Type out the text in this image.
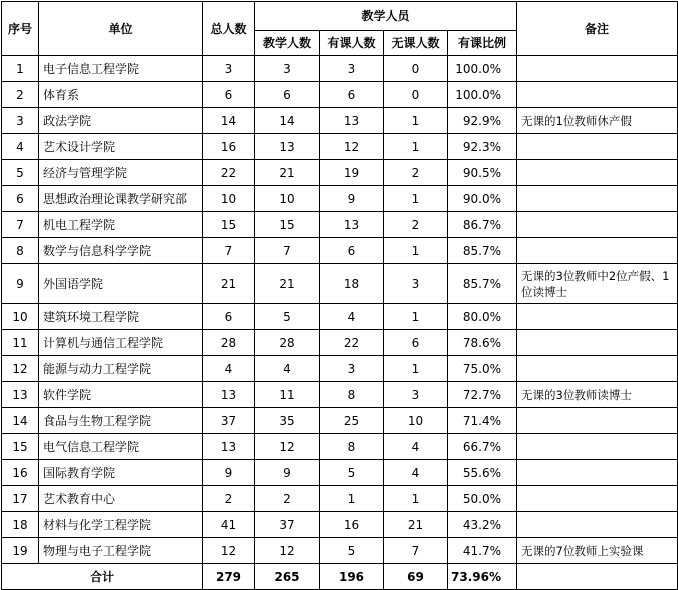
序号	单位	总人数	教学人员				备注
			教学人数	有课人数	无课人数	有课比例	
1	电子信息工程学院	3	3	3	0	100.0%	
2	体育系	6	6	6	0	100.0%	
3	政法学院	14	14	13	1	92.9%	无课的1位教师休产假
4	艺术设计学院	16	13	12	1	92.3%	
5	经济与管理学院	22	21	19	2	90.5%	
6	思想政治理论课教学研究部	10	10	9	1	90.0%	
7	机电工程学院	15	15	13	2	86.7%	
8	数学与信息科学学院	7	7	6	1	85.7%	
9	外国语学院	21	21	18	3	85.7%	无课的3位教师中2位产假、1位读博士
10	建筑环境工程学院	6	5	4	1	80.0%	
11	计算机与通信工程学院	28	28	22	6	78.6%	
12	能源与动力工程学院	4	4	3	1	75.0%	
13	软件学院	13	11	8	3	72.7%	无课的3位教师读博士
14	食品与生物工程学院	37	35	25	10	71.4%	
15	电气信息工程学院	13	12	8	4	66.7%	
16	国际教育学院	9	9	5	4	55.6%	
17	艺术教育中心	2	2	1	1	50.0%	
18	材料与化学工程学院	41	37	16	21	43.2%	
19	物理与电子工程学院	12	12	5	7	41.7%	无课的7位教师上实验课
合计		279	265	196	69	73.96%	
